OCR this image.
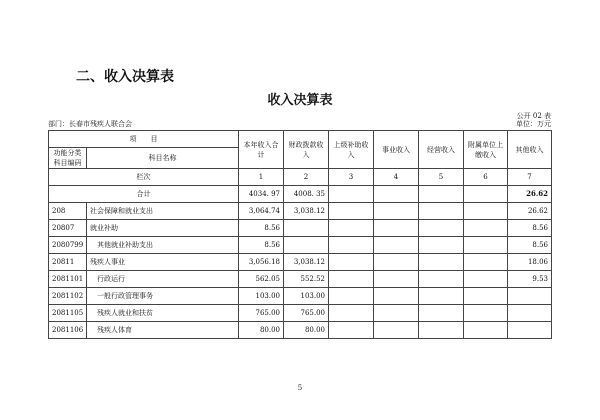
二、收入决算表
收入决算表
公开 02 表
部门：长春市残疾人联合会	单位：万元
项　　目		本年收入合计	财政拨款收入	上级补助收入	事业收入	经营收入	附属单位上缴收入	其他收入
功能分类科目编码	科目名称							
栏次		1	2	3	4	5	6	7
合计		4034. 97	4008. 35					26.62
208	社会保障和就业支出	3,064.74	3,038.12					26.62
20807	就业补助	8.56						8.56
2080799	其他就业补助支出	8.56						8.56
20811	残疾人事业	3,056.18	3,038.12					18.06
2081101	行政运行	562.05	552.52					9.53
2081102	一般行政管理事务	103.00	103.00					
2081105	残疾人就业和扶贫	765.00	765.00					
2081106	残疾人体育	80.00	80.00					
5
